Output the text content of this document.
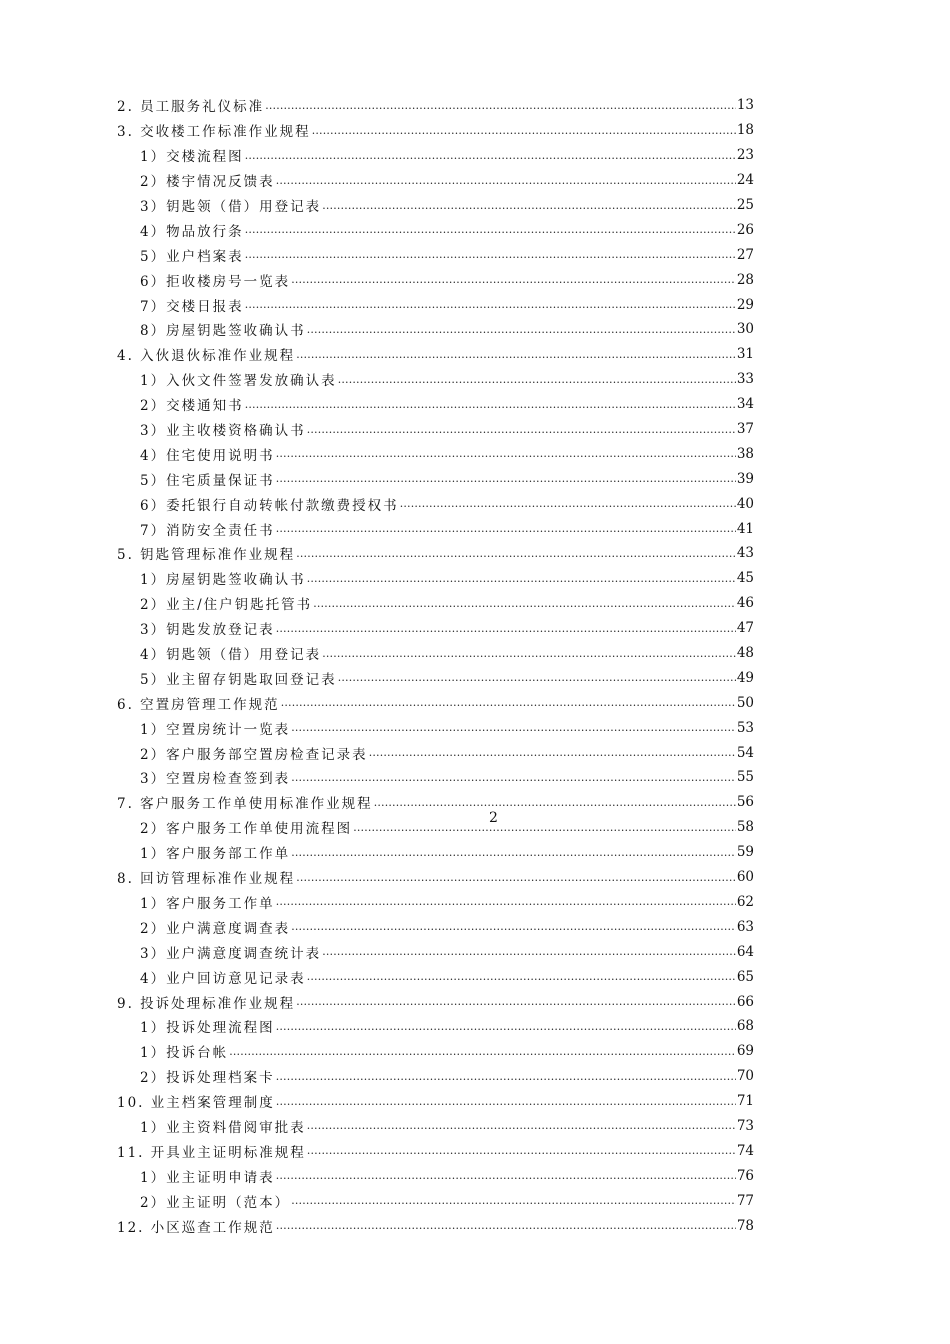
2. 员工服务礼仪标准 …………………………………………………………………………………………………………………………………………………………………………………………………………	13
3. 交收楼工作标准作业规程 …………………………………………………………………………………………………………………………………………………………………………………………………………	18
1）交楼流程图 …………………………………………………………………………………………………………………………………………………………………………………………………………	23
2）楼宇情况反馈表 …………………………………………………………………………………………………………………………………………………………………………………………………………	24
3）钥匙领（借）用登记表 …………………………………………………………………………………………………………………………………………………………………………………………………………	25
4）物品放行条 …………………………………………………………………………………………………………………………………………………………………………………………………………	26
5）业户档案表 …………………………………………………………………………………………………………………………………………………………………………………………………………	27
6）拒收楼房号一览表 …………………………………………………………………………………………………………………………………………………………………………………………………………	28
7）交楼日报表 …………………………………………………………………………………………………………………………………………………………………………………………………………	29
8）房屋钥匙签收确认书 …………………………………………………………………………………………………………………………………………………………………………………………………………	30
4. 入伙退伙标准作业规程 …………………………………………………………………………………………………………………………………………………………………………………………………………	31
1）入伙文件签署发放确认表 …………………………………………………………………………………………………………………………………………………………………………………………………………	33
2）交楼通知书 …………………………………………………………………………………………………………………………………………………………………………………………………………	34
3）业主收楼资格确认书 …………………………………………………………………………………………………………………………………………………………………………………………………………	37
4）住宅使用说明书 …………………………………………………………………………………………………………………………………………………………………………………………………………	38
5）住宅质量保证书 …………………………………………………………………………………………………………………………………………………………………………………………………………	39
6）委托银行自动转帐付款缴费授权书 …………………………………………………………………………………………………………………………………………………………………………………………………………	40
7）消防安全责任书 …………………………………………………………………………………………………………………………………………………………………………………………………………	41
5. 钥匙管理标准作业规程 …………………………………………………………………………………………………………………………………………………………………………………………………………	43
1）房屋钥匙签收确认书 …………………………………………………………………………………………………………………………………………………………………………………………………………	45
2）业主/住户钥匙托管书 …………………………………………………………………………………………………………………………………………………………………………………………………………	46
3）钥匙发放登记表 …………………………………………………………………………………………………………………………………………………………………………………………………………	47
4）钥匙领（借）用登记表 …………………………………………………………………………………………………………………………………………………………………………………………………………	48
5）业主留存钥匙取回登记表 …………………………………………………………………………………………………………………………………………………………………………………………………………	49
6. 空置房管理工作规范 …………………………………………………………………………………………………………………………………………………………………………………………………………	50
1）空置房统计一览表 …………………………………………………………………………………………………………………………………………………………………………………………………………	53
2）客户服务部空置房检查记录表 …………………………………………………………………………………………………………………………………………………………………………………………………………	54
3）空置房检查签到表 …………………………………………………………………………………………………………………………………………………………………………………………………………	55
7. 客户服务工作单使用标准作业规程 …………………………………………………………………………………………………………………………………………………………………………………………………………	56
2）客户服务工作单使用流程图 …………………………………………………………………………………………………………………………………………………………………………………………………………	58
1）客户服务部工作单 …………………………………………………………………………………………………………………………………………………………………………………………………………	59
8. 回访管理标准作业规程 …………………………………………………………………………………………………………………………………………………………………………………………………………	60
1）客户服务工作单 …………………………………………………………………………………………………………………………………………………………………………………………………………	62
2）业户满意度调查表 …………………………………………………………………………………………………………………………………………………………………………………………………………	63
3）业户满意度调查统计表 …………………………………………………………………………………………………………………………………………………………………………………………………………	64
4）业户回访意见记录表 …………………………………………………………………………………………………………………………………………………………………………………………………………	65
9. 投诉处理标准作业规程 …………………………………………………………………………………………………………………………………………………………………………………………………………	66
1）投诉处理流程图 …………………………………………………………………………………………………………………………………………………………………………………………………………	68
1）投诉台帐 …………………………………………………………………………………………………………………………………………………………………………………………………………	69
2）投诉处理档案卡 …………………………………………………………………………………………………………………………………………………………………………………………………………	70
10. 业主档案管理制度 …………………………………………………………………………………………………………………………………………………………………………………………………………	71
1）业主资料借阅审批表 …………………………………………………………………………………………………………………………………………………………………………………………………………	73
11. 开具业主证明标准规程 …………………………………………………………………………………………………………………………………………………………………………………………………………	74
1）业主证明申请表 …………………………………………………………………………………………………………………………………………………………………………………………………………	76
2）业主证明（范本） …………………………………………………………………………………………………………………………………………………………………………………………………………	77
12. 小区巡查工作规范 …………………………………………………………………………………………………………………………………………………………………………………………………………	78
2
